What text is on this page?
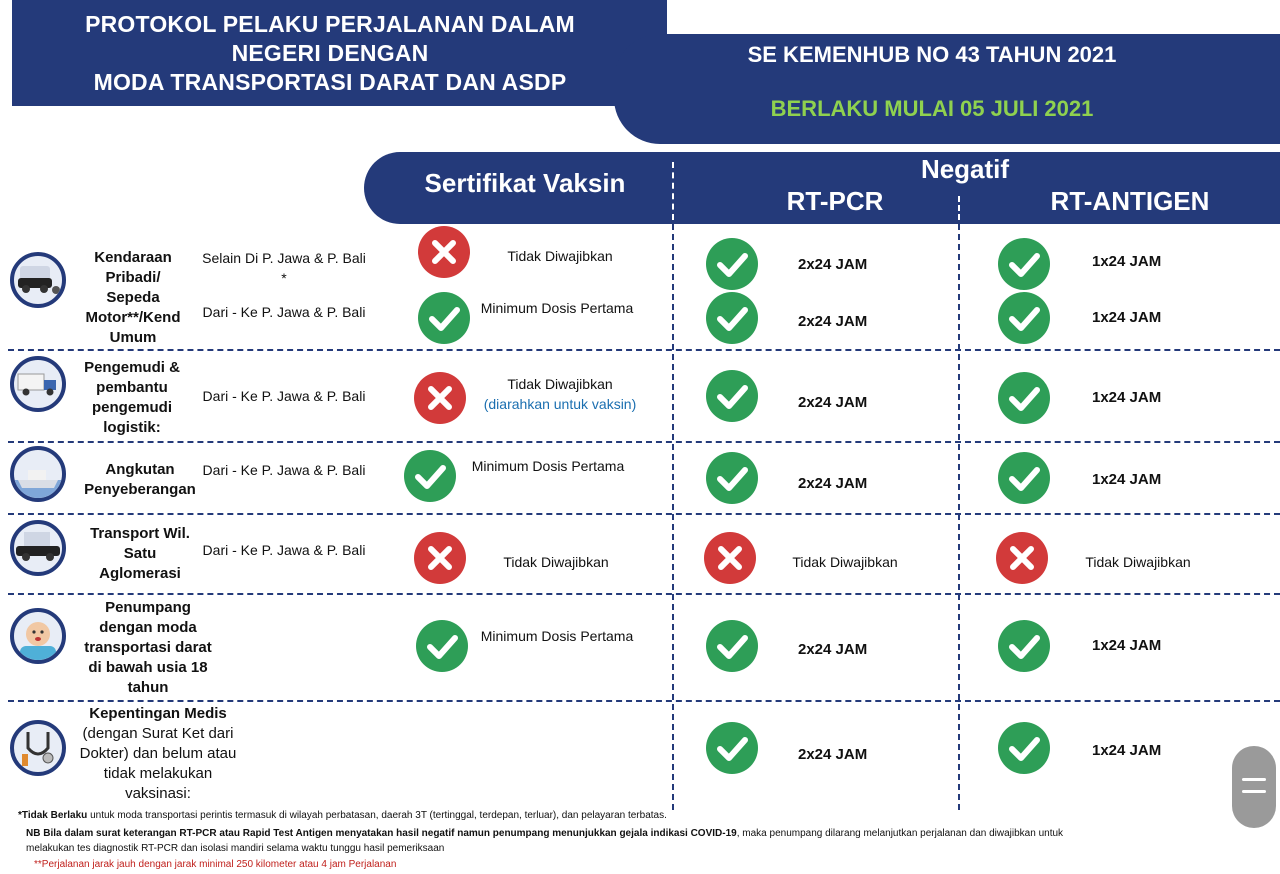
PROTOKOL PELAKU PERJALANAN DALAM
NEGERI DENGAN
MODA TRANSPORTASI DARAT DAN ASDP
SE KEMENHUB NO 43 TAHUN 2021
BERLAKU MULAI 05 JULI 2021
Sertifikat Vaksin	Negatif
RT-PCR	RT-ANTIGEN
Kendaraan Pribadi/ Sepeda Motor**/Kend Umum
Pengemudi & pembantu pengemudi logistik:
Angkutan Penyeberangan
Transport Wil. Satu Aglomerasi
Penumpang dengan moda transportasi darat di bawah usia 18 tahun
Kepentingan Medis (dengan Surat Ket dari Dokter) dan belum atau tidak melakukan vaksinasi:
Selain Di P. Jawa & P. Bali *
Dari - Ke P. Jawa & P. Bali
Dari - Ke P. Jawa & P. Bali
Dari - Ke P. Jawa & P. Bali
Dari - Ke P. Jawa & P. Bali
Tidak Diwajibkan
Minimum Dosis Pertama
Tidak Diwajibkan
(diarahkan untuk vaksin)
Minimum Dosis Pertama
Tidak Diwajibkan
Minimum Dosis Pertama
2x24 JAM
2x24 JAM
2x24 JAM
2x24 JAM
Tidak Diwajibkan
2x24 JAM
2x24 JAM
1x24 JAM
1x24 JAM
1x24 JAM
1x24 JAM
Tidak Diwajibkan
1x24 JAM
1x24 JAM
*Tidak Berlaku untuk moda transportasi perintis termasuk di wilayah perbatasan, daerah 3T (tertinggal, terdepan, terluar), dan pelayaran terbatas.
NB Bila dalam surat keterangan RT-PCR atau Rapid Test Antigen menyatakan hasil negatif namun penumpang menunjukkan gejala indikasi COVID-19, maka penumpang dilarang melanjutkan perjalanan dan diwajibkan untuk melakukan tes diagnostik RT-PCR dan isolasi mandiri selama waktu tunggu hasil pemeriksaan
**Perjalanan jarak jauh dengan jarak minimal 250 kilometer atau 4 jam Perjalanan
